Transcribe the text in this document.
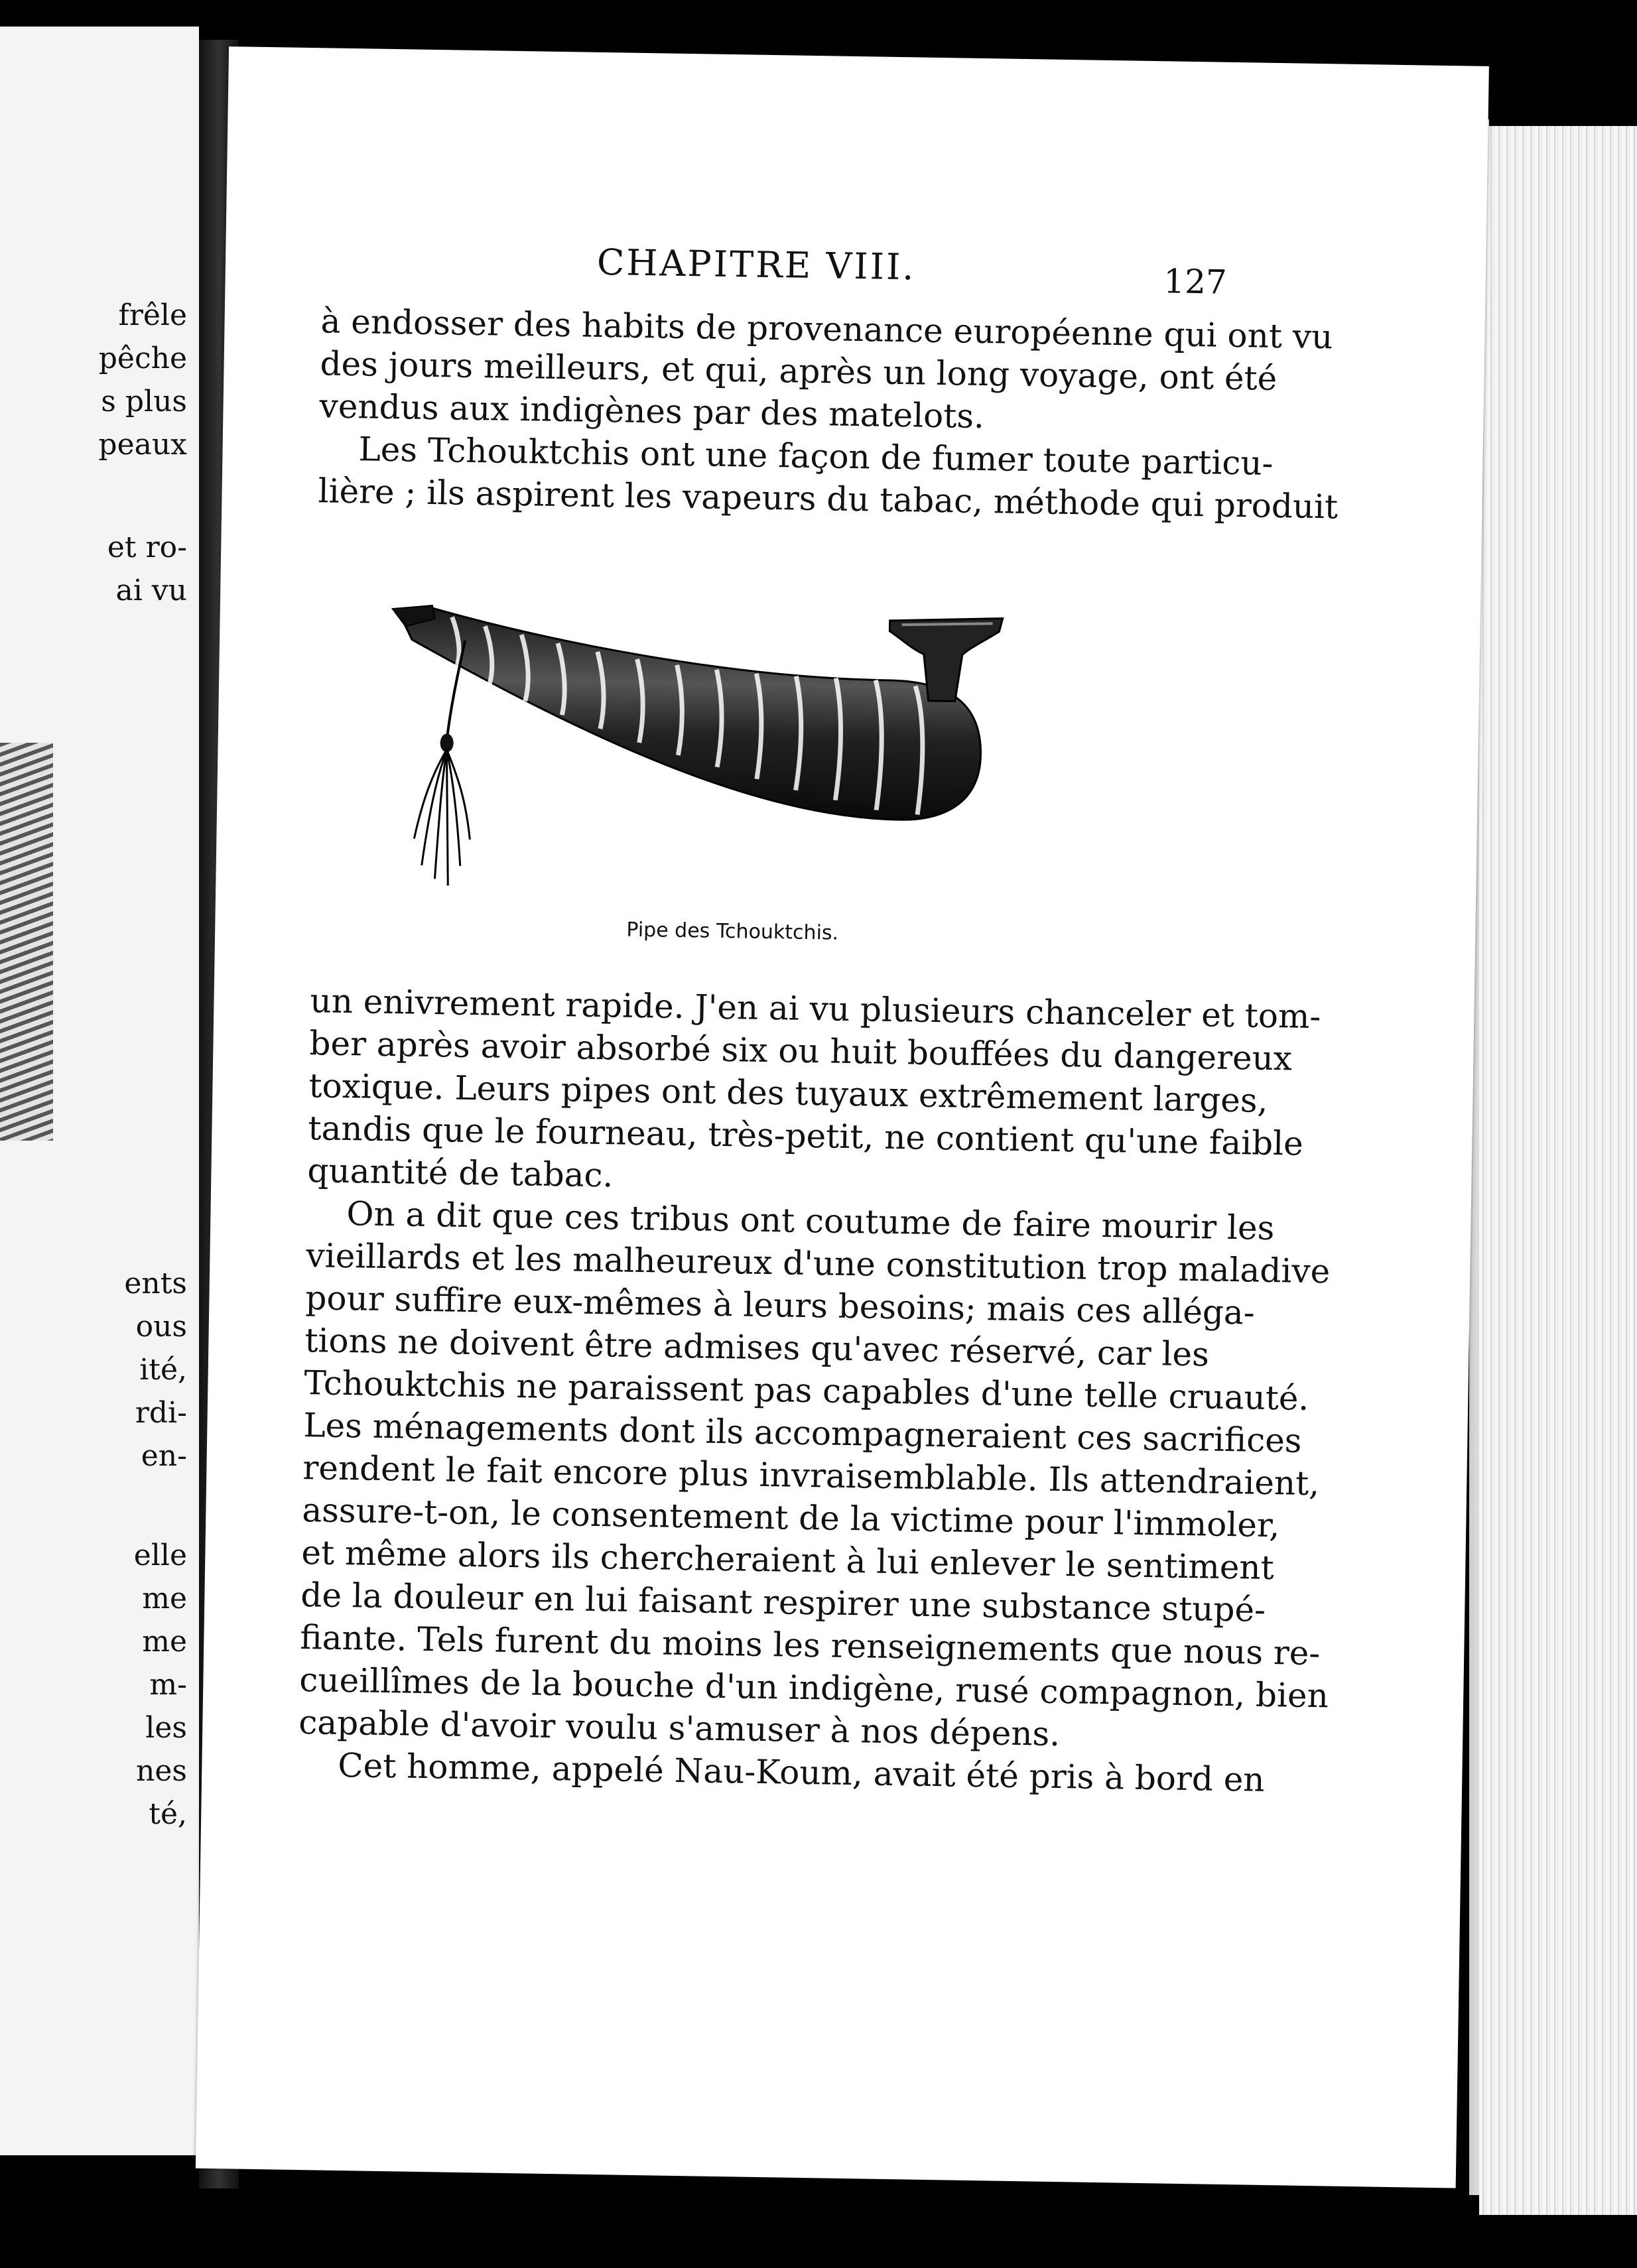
frêle
pêche
s plus
peaux
et ro-
ai vu
ents
ous
ité,
rdi-
en-
elle
me
me
m-
les
nes
té,
CHAPITRE VIII.	127
à endosser des habits de provenance européenne qui ont vu
des jours meilleurs, et qui, après un long voyage, ont été
vendus aux indigènes par des matelots.
Les Tchouktchis ont une façon de fumer toute particu-
lière ; ils aspirent les vapeurs du tabac, méthode qui produit
Pipe des Tchouktchis.
un enivrement rapide. J'en ai vu plusieurs chanceler et tom-
ber après avoir absorbé six ou huit bouffées du dangereux
toxique. Leurs pipes ont des tuyaux extrêmement larges,
tandis que le fourneau, très-petit, ne contient qu'une faible
quantité de tabac.
On a dit que ces tribus ont coutume de faire mourir les
vieillards et les malheureux d'une constitution trop maladive
pour suffire eux-mêmes à leurs besoins; mais ces alléga-
tions ne doivent être admises qu'avec réservé, car les
Tchouktchis ne paraissent pas capables d'une telle cruauté.
Les ménagements dont ils accompagneraient ces sacrifices
rendent le fait encore plus invraisemblable. Ils attendraient,
assure-t-on, le consentement de la victime pour l'immoler,
et même alors ils chercheraient à lui enlever le sentiment
de la douleur en lui faisant respirer une substance stupé-
fiante. Tels furent du moins les renseignements que nous re-
cueillîmes de la bouche d'un indigène, rusé compagnon, bien
capable d'avoir voulu s'amuser à nos dépens.
Cet homme, appelé Nau-Koum, avait été pris à bord en
